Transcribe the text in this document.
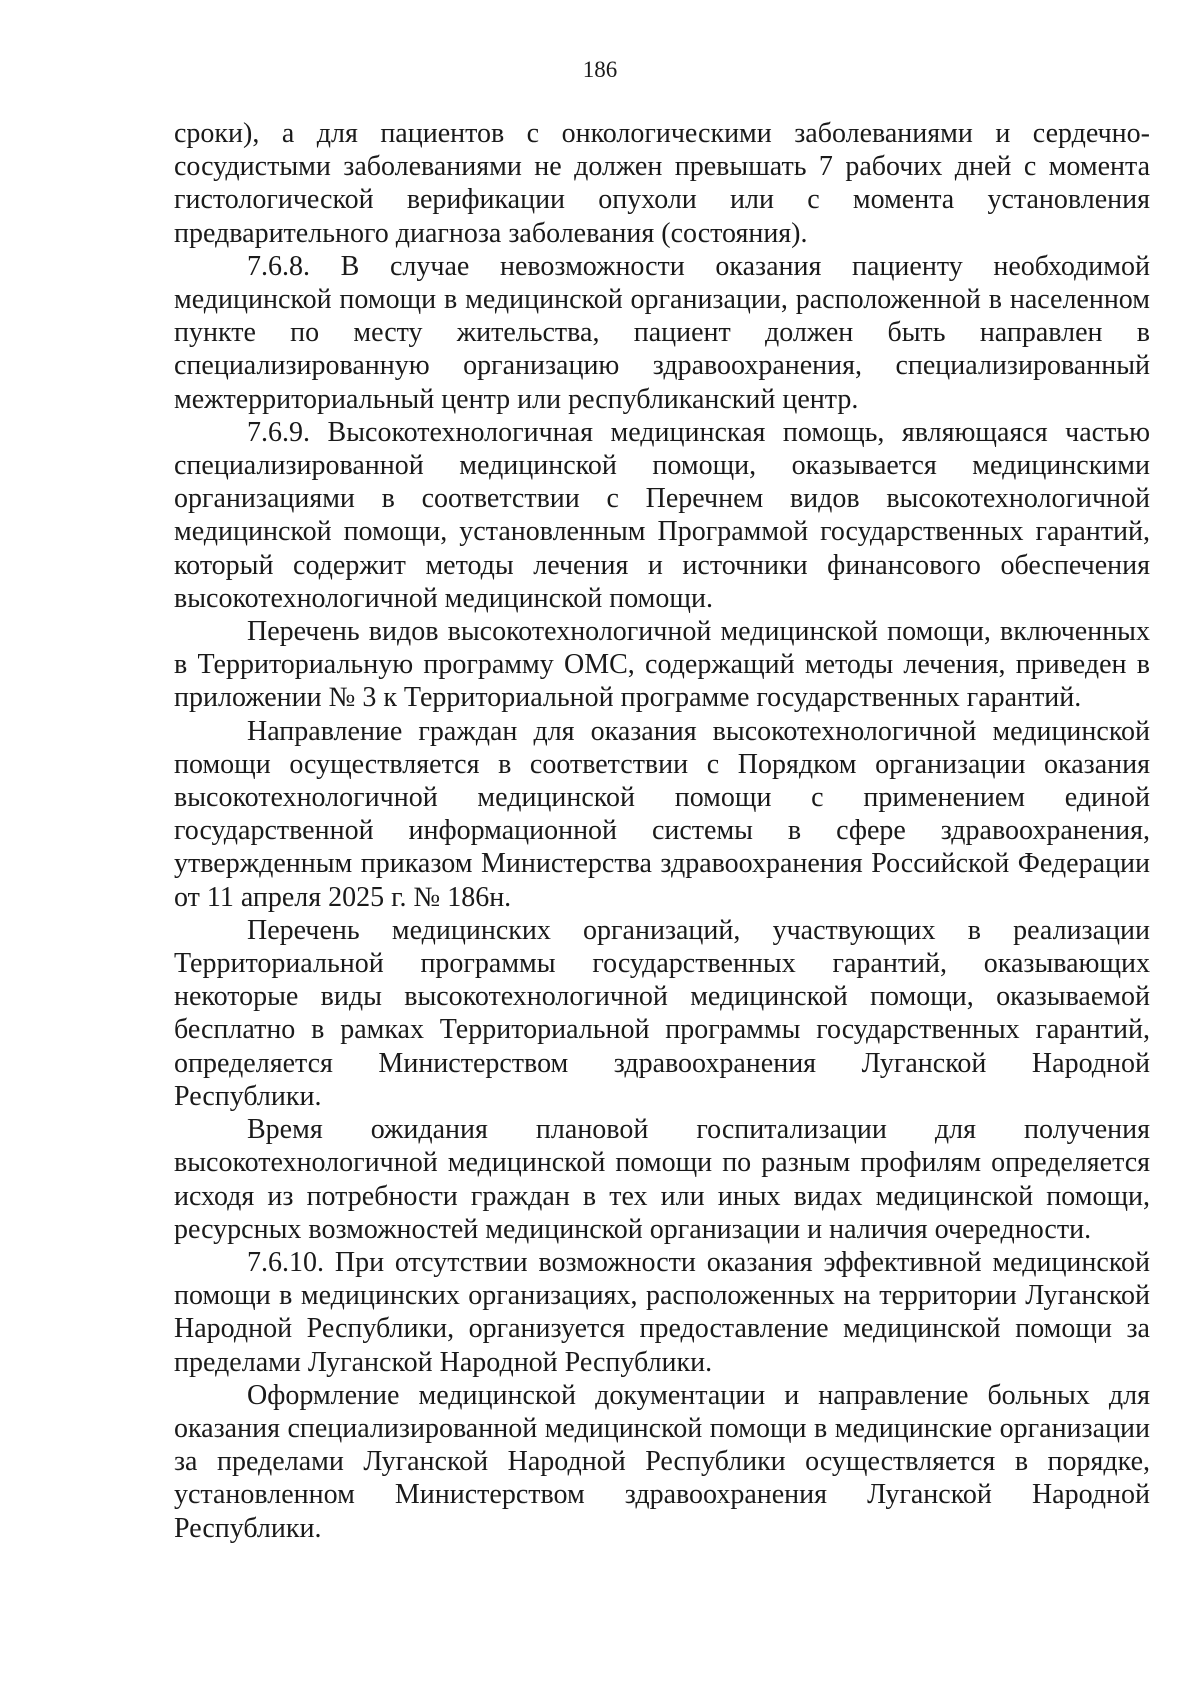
186

сроки), а для пациентов с онкологическими заболеваниями и сердечно-сосудистыми заболеваниями не должен превышать 7 рабочих дней с момента гистологической верификации опухоли или с момента установления предварительного диагноза заболевания (состояния).

7.6.8. В случае невозможности оказания пациенту необходимой медицинской помощи в медицинской организации, расположенной в населенном пункте по месту жительства, пациент должен быть направлен в специализированную организацию здравоохранения, специализированный межтерриториальный центр или республиканский центр.

7.6.9. Высокотехнологичная медицинская помощь, являющаяся частью специализированной медицинской помощи, оказывается медицинскими организациями в соответствии с Перечнем видов высокотехнологичной медицинской помощи, установленным Программой государственных гарантий, который содержит методы лечения и источники финансового обеспечения высокотехнологичной медицинской помощи.

Перечень видов высокотехнологичной медицинской помощи, включенных в Территориальную программу ОМС, содержащий методы лечения, приведен в приложении № 3 к Территориальной программе государственных гарантий.

Направление граждан для оказания высокотехнологичной медицинской помощи осуществляется в соответствии с Порядком организации оказания высокотехнологичной медицинской помощи с применением единой государственной информационной системы в сфере здравоохранения, утвержденным приказом Министерства здравоохранения Российской Федерации от 11 апреля 2025 г. № 186н.

Перечень медицинских организаций, участвующих в реализации Территориальной программы государственных гарантий, оказывающих некоторые виды высокотехнологичной медицинской помощи, оказываемой бесплатно в рамках Территориальной программы государственных гарантий, определяется Министерством здравоохранения Луганской Народной Республики.

Время ожидания плановой госпитализации для получения высокотехнологичной медицинской помощи по разным профилям определяется исходя из потребности граждан в тех или иных видах медицинской помощи, ресурсных возможностей медицинской организации и наличия очередности.

7.6.10. При отсутствии возможности оказания эффективной медицинской помощи в медицинских организациях, расположенных на территории Луганской Народной Республики, организуется предоставление медицинской помощи за пределами Луганской Народной Республики.

Оформление медицинской документации и направление больных для оказания специализированной медицинской помощи в медицинские организации за пределами Луганской Народной Республики осуществляется в порядке, установленном Министерством здравоохранения Луганской Народной Республики.
